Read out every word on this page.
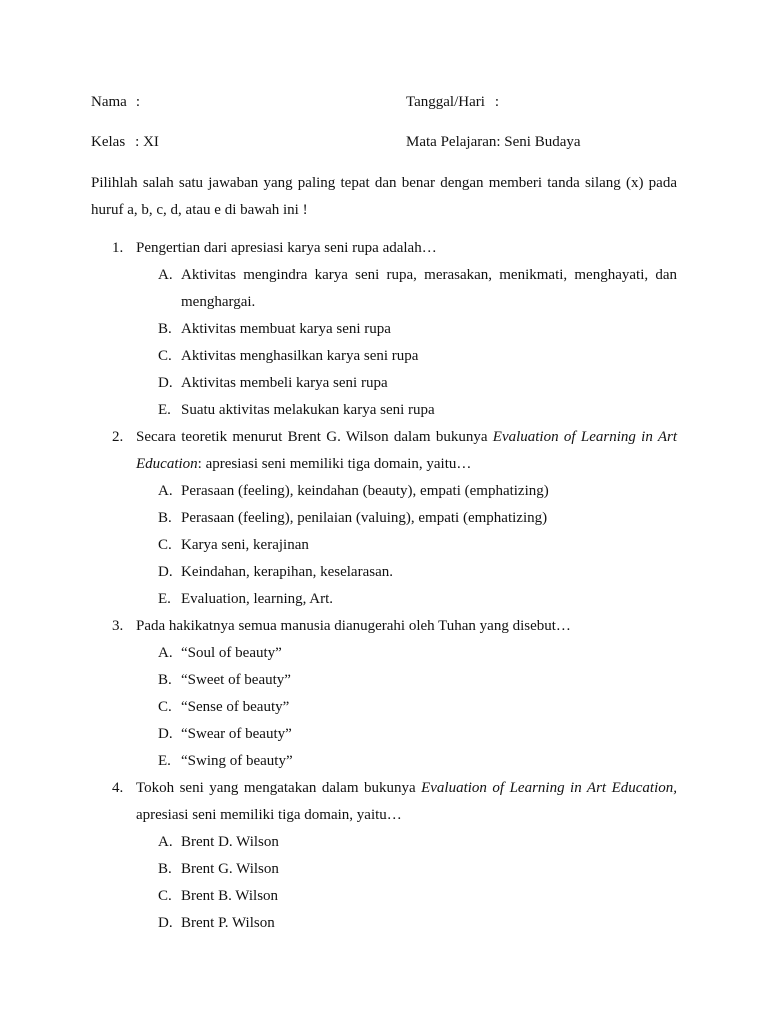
Nama :	Tanggal/Hari :
Kelas : XI	Mata Pelajaran: Seni Budaya
Pilihlah salah satu jawaban yang paling tepat dan benar dengan memberi tanda silang (x) pada huruf a, b, c, d, atau e di bawah ini !
1. Pengertian dari apresiasi karya seni rupa adalah…
A. Aktivitas mengindra karya seni rupa, merasakan, menikmati, menghayati, dan menghargai.
B. Aktivitas membuat karya seni rupa
C. Aktivitas menghasilkan karya seni rupa
D. Aktivitas membeli karya seni rupa
E. Suatu aktivitas melakukan karya seni rupa
2. Secara teoretik menurut Brent G. Wilson dalam bukunya Evaluation of Learning in Art Education: apresiasi seni memiliki tiga domain, yaitu…
A. Perasaan (feeling), keindahan (beauty), empati (emphatizing)
B. Perasaan (feeling), penilaian (valuing), empati (emphatizing)
C. Karya seni, kerajinan
D. Keindahan, kerapihan, keselarasan.
E. Evaluation, learning, Art.
3. Pada hakikatnya semua manusia dianugerahi oleh Tuhan yang disebut…
A. “Soul of beauty”
B. “Sweet of beauty”
C. “Sense of beauty”
D. “Swear of beauty”
E. “Swing of beauty”
4. Tokoh seni yang mengatakan dalam bukunya Evaluation of Learning in Art Education, apresiasi seni memiliki tiga domain, yaitu…
A. Brent D. Wilson
B. Brent G. Wilson
C. Brent B. Wilson
D. Brent P. Wilson
